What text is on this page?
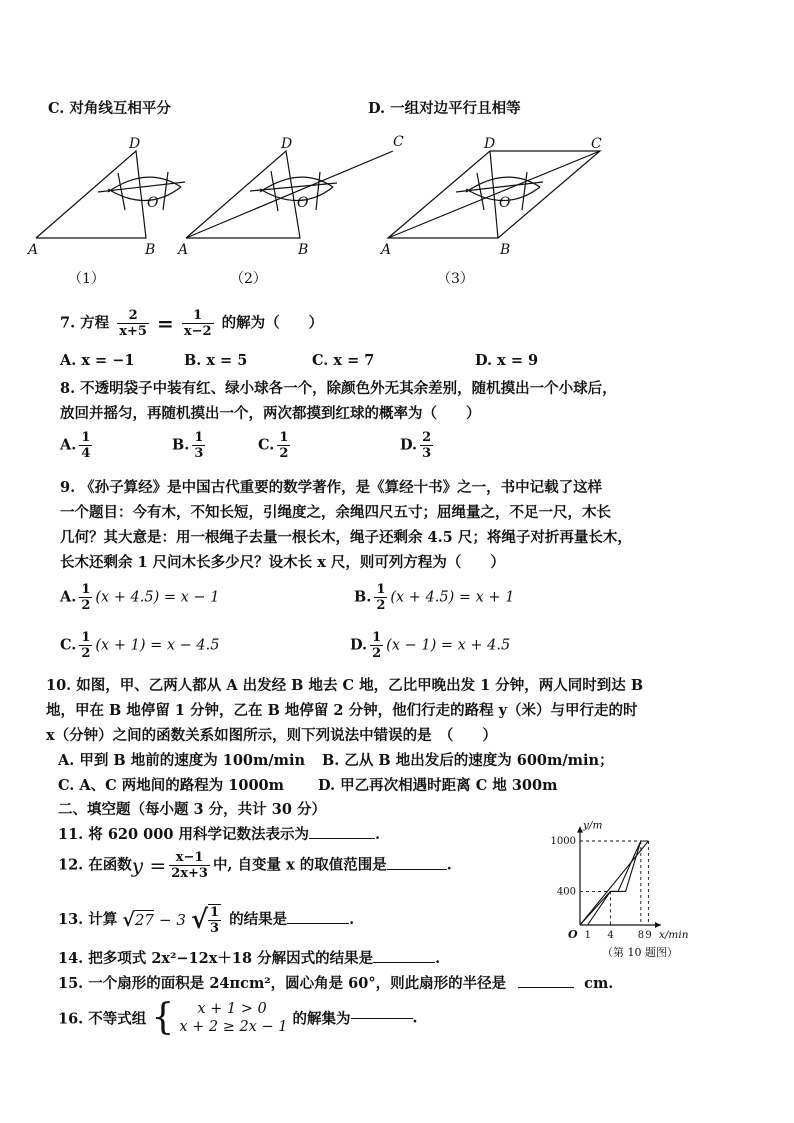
C. 对角线互相平分	D. 一组对边平行且相等
A	B
D
O
A	B
C
D
O
A	B
C
D
O
（1）	（2）	（3）
7. 方程 $\frac{2}{x+5} = \frac{1}{x-2}$ 的解为（　　）
A. x = −1	B. x = 5	C. x = 7	D. x = 9
8. 不透明袋子中装有红、绿小球各一个，除颜色外无其余差别，随机摸出一个小球后，
放回并摇匀，再随机摸出一个，两次都摸到红球的概率为（　　）
A. $\frac{1}{4}$	B. $\frac{1}{3}$	C. $\frac{1}{2}$	D. $\frac{2}{3}$
9. 《孙子算经》是中国古代重要的数学著作，是《算经十书》之一，书中记载了这样
一个题目：今有木，不知长短，引绳度之，余绳四尺五寸；屈绳量之，不足一尺，木长
几何？其大意是：用一根绳子去量一根长木，绳子还剩余 4.5 尺；将绳子对折再量长木，
长木还剩余 1 尺问木长多少尺？设木长 x 尺，则可列方程为（　　）
A. $\frac{1}{2} (x + 4.5) = x - 1$	B. $\frac{1}{2} (x + 4.5) = x + 1$
C. $\frac{1}{2} (x + 1) = x - 4.5$	D. $\frac{1}{2} (x - 1) = x + 4.5$
10. 如图，甲、乙两人都从 A 出发经 B 地去 C 地，乙比甲晚出发 1 分钟，两人同时到达 B
地，甲在 B 地停留 1 分钟，乙在 B 地停留 2 分钟，他们行走的路程 y（米）与甲行走的时
x（分钟）之间的函数关系如图所示，则下列说法中错误的是　（　　）
A. 甲到 B 地前的速度为 100m/min B. 乙从 B 地出发后的速度为 600m/min；
C. A、C 两地间的路程为 1000m D. 甲乙再次相遇时距离 C 地 300m
二、填空题（每小题 3 分，共计 30 分）
11. 将 620 000 用科学记数法表示为	.
12. 在函数$y = \frac{x-1}{2x+3}$ 中, 自变量 x 的取值范围是	.
13. 计算 √27 − 3 √ $\frac{1}{3}$ 的结果是	.
14. 把多项式 2x²−12x＋18 分解因式的结果是	.
15. 一个扇形的面积是 24πcm²，圆心角是 60°，则此扇形的半径是	cm.
16. 不等式组 {	x + 1 > 0
x + 2 ≥ 2x − 1 的解集为	.
1 4 8 9
400
1000
O	x/min
y/m
（第 10 题图）
